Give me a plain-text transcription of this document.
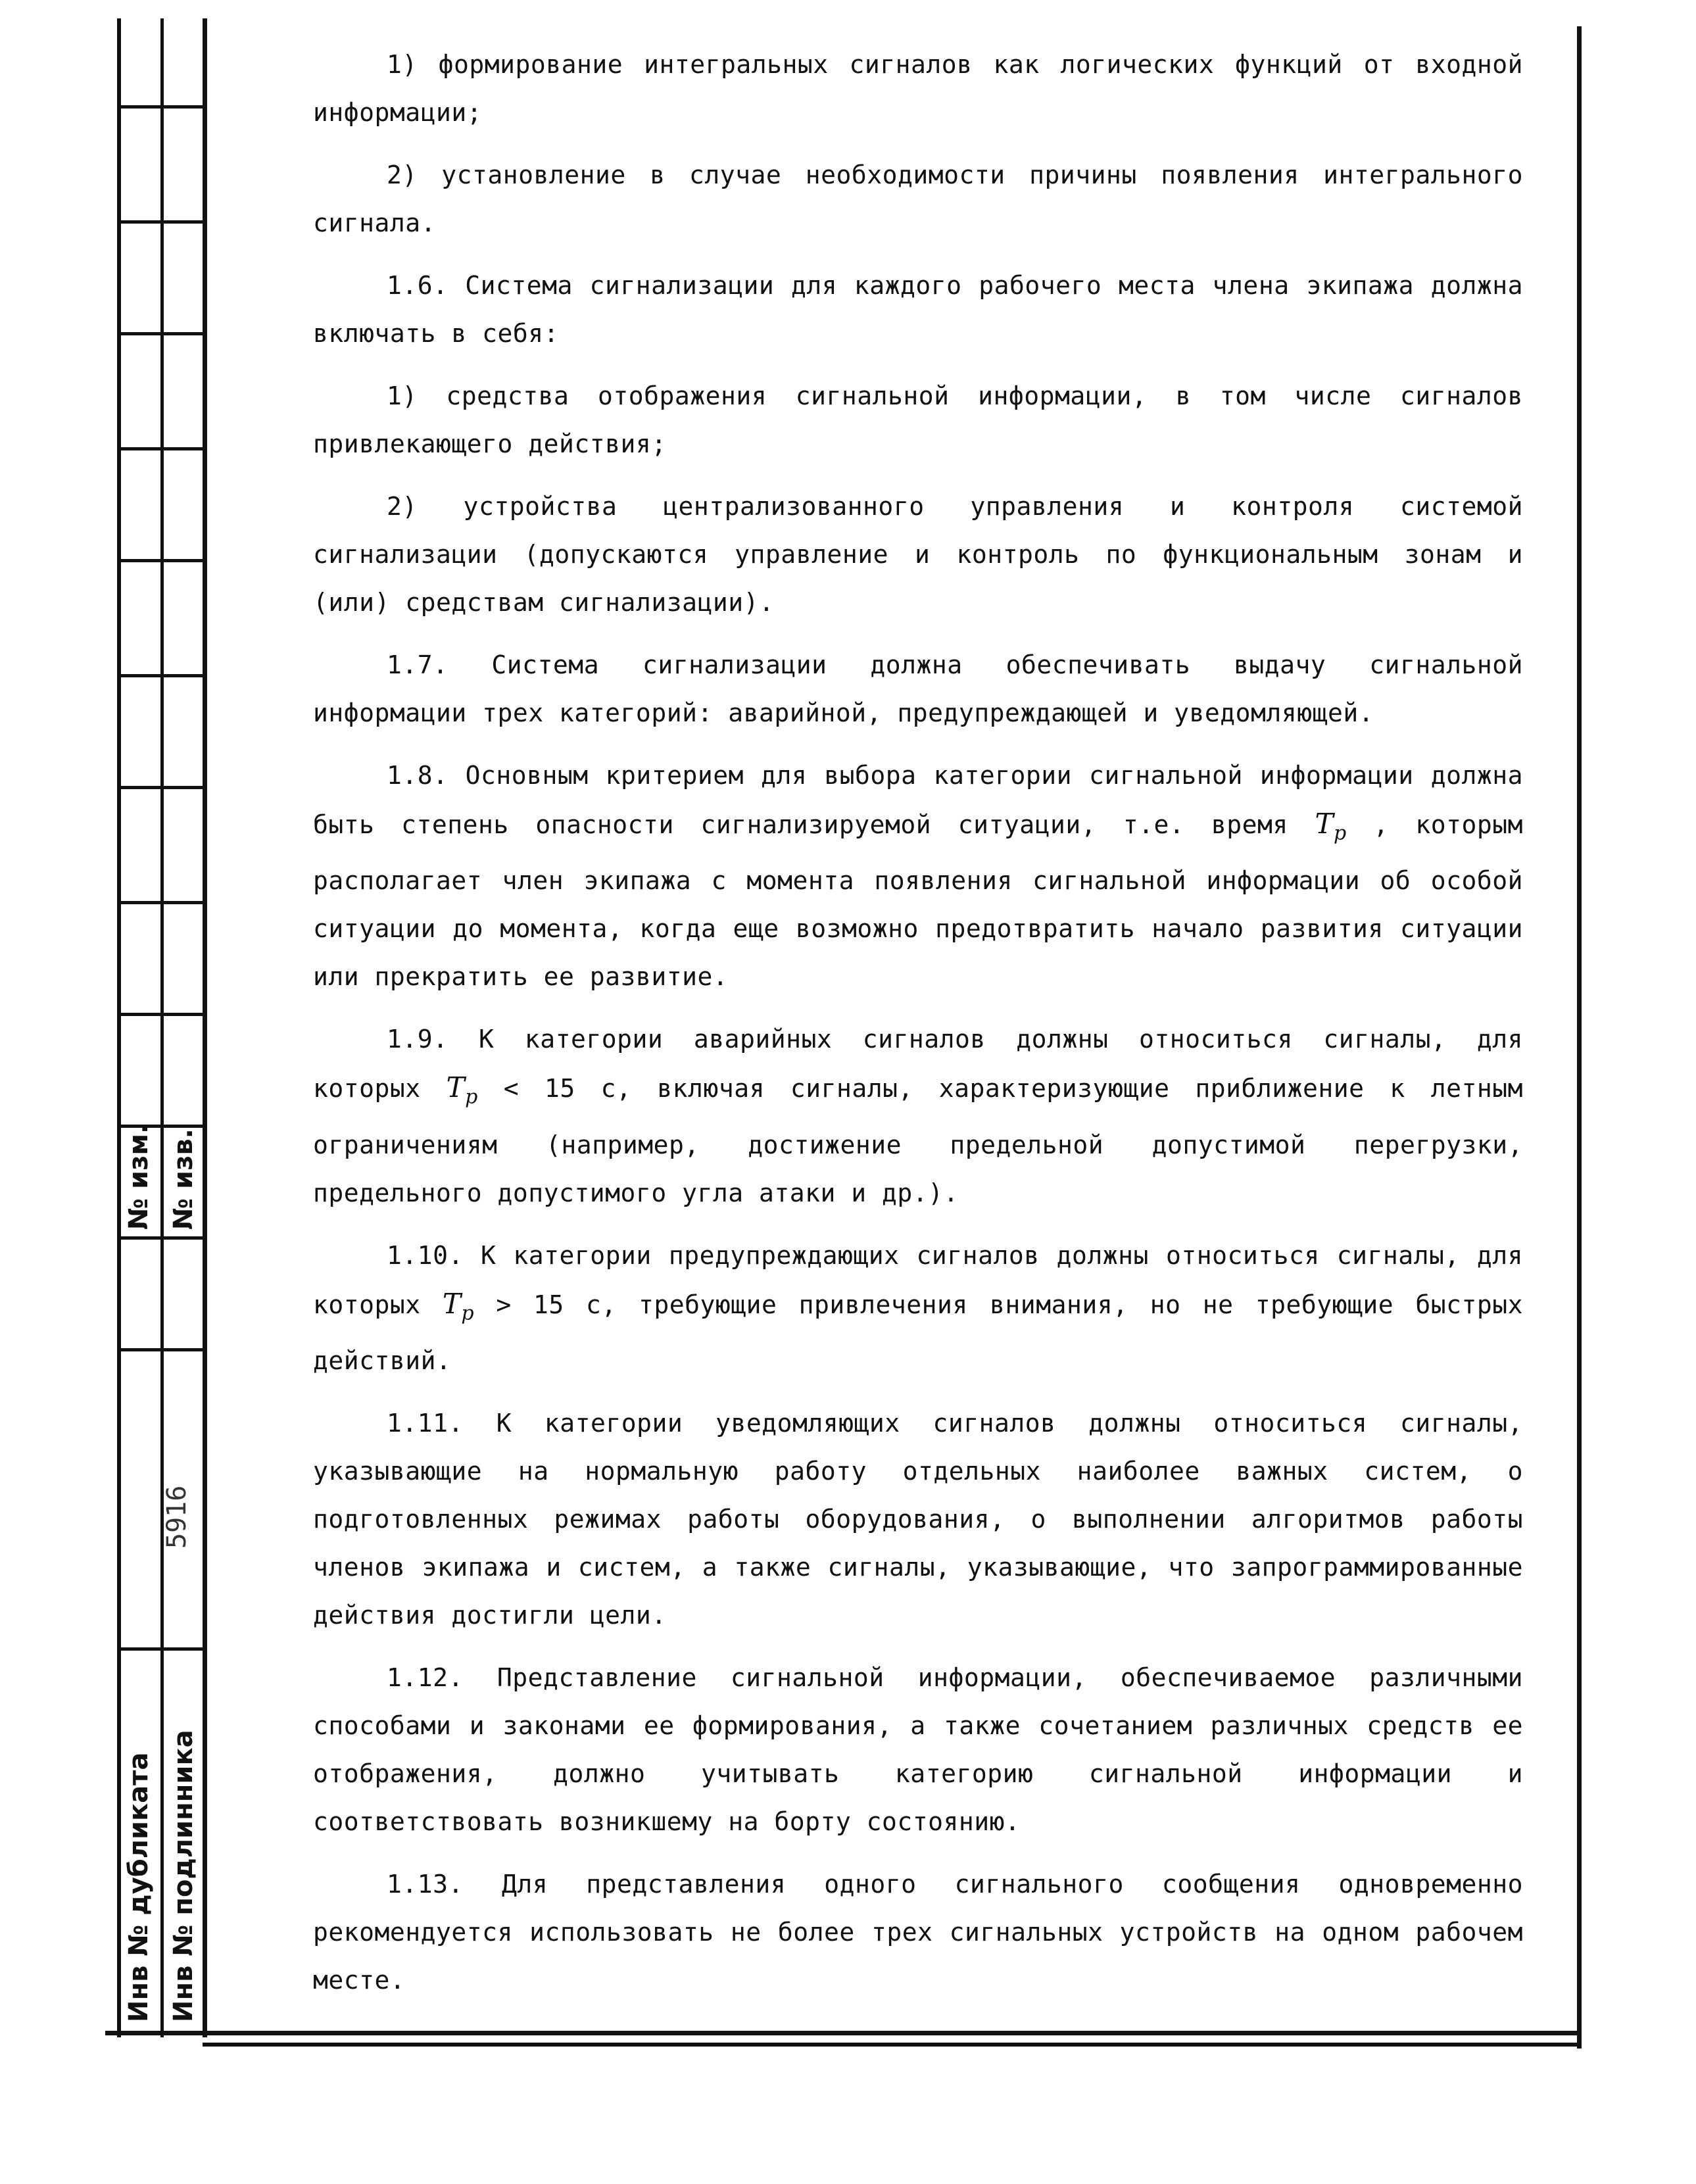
№ изм. № изв.
5916
Инв № дубликата Инв № подлинника

1) формирование интегральных сигналов как логических функций от входной информации;

2) установление в случае необходимости причины появления интегрального сигнала.

1.6. Система сигнализации для каждого рабочего места члена экипажа должна включать в себя:

1) средства отображения сигнальной информации, в том числе сигналов привлекающего действия;

2) устройства централизованного управления и контроля системой сигнализации (допускаются управление и контроль по функциональным зонам и (или) средствам сигнализации).

1.7. Система сигнализации должна обеспечивать выдачу сигнальной информации трех категорий: аварийной, предупреждающей и уведомляющей.

1.8. Основным критерием для выбора категории сигнальной информации должна быть степень опасности сигнализируемой ситуации, т.е. время $T_р$ , которым располагает член экипажа с момента появления сигнальной информации об особой ситуации до момента, когда еще возможно предотвратить начало развития ситуации или прекратить ее развитие.

1.9. К категории аварийных сигналов должны относиться сигналы, для которых $T_р < 15$ с, включая сигналы, характеризующие приближение к летным ограничениям (например, достижение предельной допустимой перегрузки, предельного допустимого угла атаки и др.).

1.10. К категории предупреждающих сигналов должны относиться сигналы, для которых $T_р > 15$ с, требующие привлечения внимания, но не требующие быстрых действий.

1.11. К категории уведомляющих сигналов должны относиться сигналы, указывающие на нормальную работу отдельных наиболее важных систем, о подготовленных режимах работы оборудования, о выполнении алгоритмов работы членов экипажа и систем, а также сигналы, указывающие, что запрограммированные действия достигли цели.

1.12. Представление сигнальной информации, обеспечиваемое различными способами и законами ее формирования, а также сочетанием различных средств ее отображения, должно учитывать категорию сигнальной информации и соответствовать возникшему на борту состоянию.

1.13. Для представления одного сигнального сообщения одновременно рекомендуется использовать не более трех сигнальных устройств на одном рабочем месте.
